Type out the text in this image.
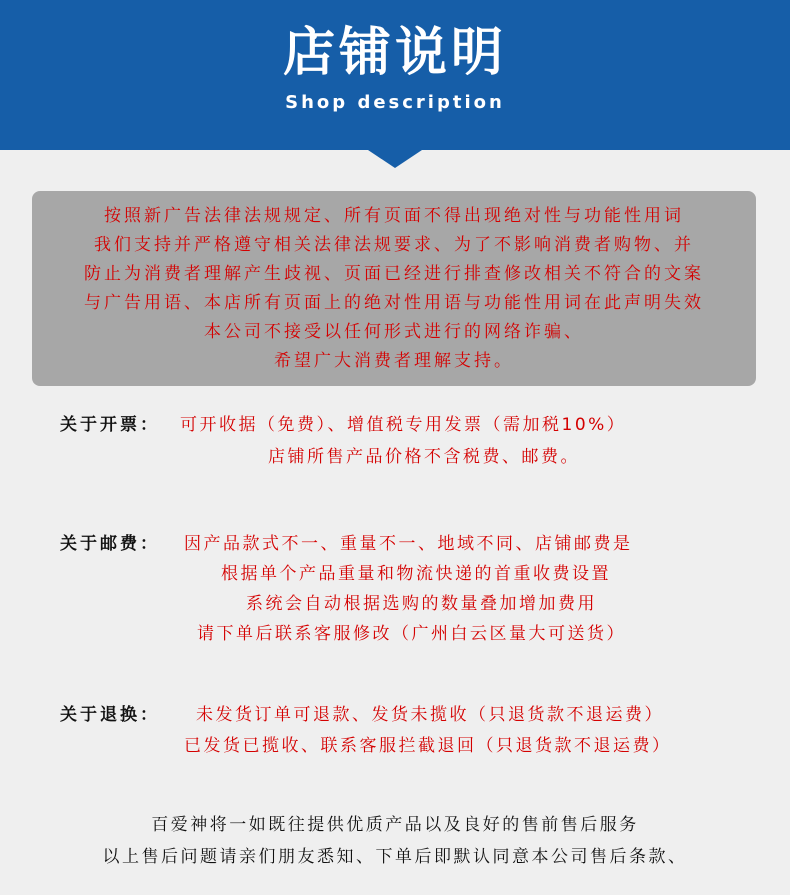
店铺说明
Shop description
按照新广告法律法规规定、所有页面不得出现绝对性与功能性用词
我们支持并严格遵守相关法律法规要求、为了不影响消费者购物、并
防止为消费者理解产生歧视、页面已经进行排查修改相关不符合的文案
与广告用语、本店所有页面上的绝对性用语与功能性用词在此声明失效
本公司不接受以任何形式进行的网络诈骗、
希望广大消费者理解支持。
关于开票： 可开收据（免费）、增值税专用发票（需加税10%）
店铺所售产品价格不含税费、邮费。
关于邮费： 因产品款式不一、重量不一、地域不同、店铺邮费是
根据单个产品重量和物流快递的首重收费设置
系统会自动根据选购的数量叠加增加费用
请下单后联系客服修改（广州白云区量大可送货）
关于退换： 未发货订单可退款、发货未揽收（只退货款不退运费）
已发货已揽收、联系客服拦截退回（只退货款不退运费）
百爱神将一如既往提供优质产品以及良好的售前售后服务
以上售后问题请亲们朋友悉知、下单后即默认同意本公司售后条款、
